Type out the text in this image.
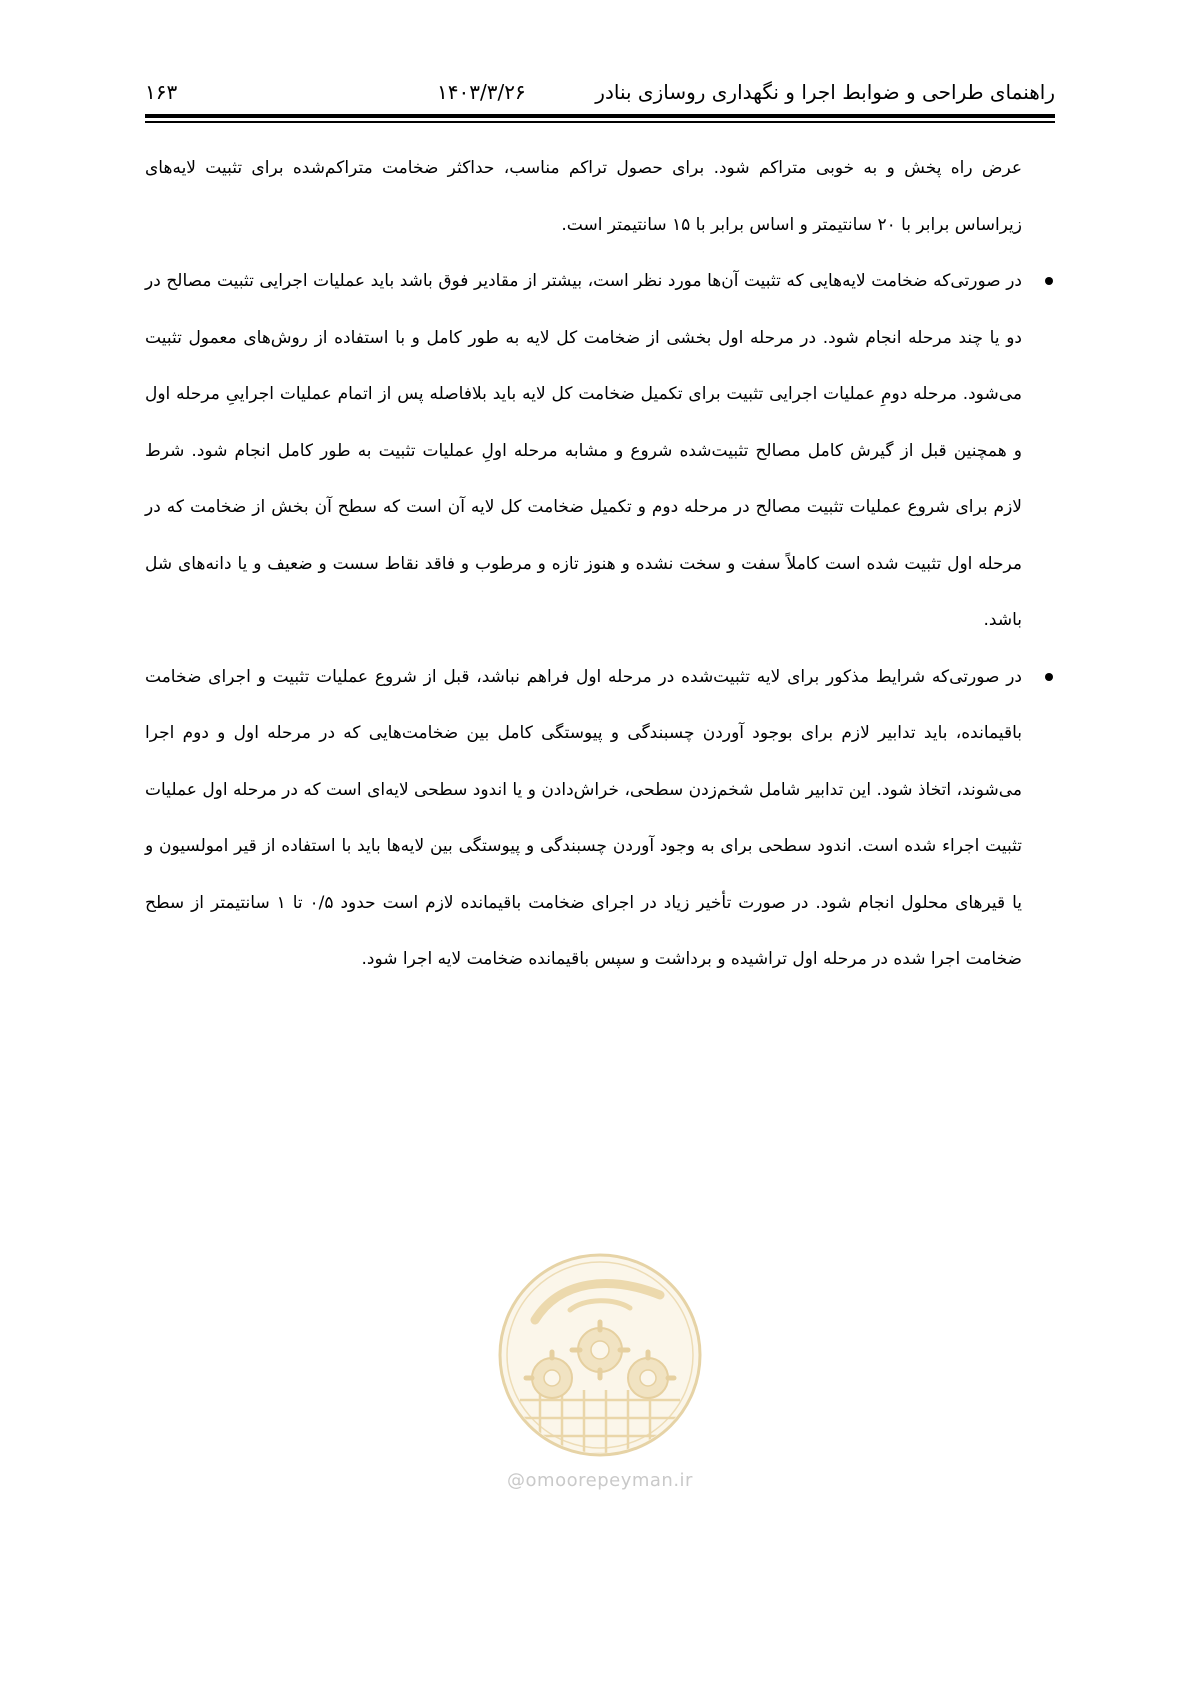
راهنمای طراحی و ضوابط اجرا و نگهداری روسازی بنادر
۱۴۰۳/۳/۲۶
۱۶۳

عرض راه پخش و به خوبی متراکم شود. برای حصول تراکم مناسب، حداکثر ضخامت متراکم‌شده برای تثبیت لایه‌های زیراساس برابر با ۲۰ سانتیمتر و اساس برابر با ۱۵ سانتیمتر است.

در صورتی‌که ضخامت لایه‌هایی که تثبیت آن‌ها مورد نظر است، بیشتر از مقادیر فوق باشد باید عملیات اجرایی تثبیت مصالح در دو یا چند مرحله انجام شود. در مرحله اول بخشی از ضخامت کل لایه به طور کامل و با استفاده از روش‌های معمول تثبیت می‌شود. مرحله دومِ عملیات اجرایی تثبیت برای تکمیل ضخامت کل لایه باید بلافاصله پس از اتمام عملیات اجراییِ مرحله اول و همچنین قبل از گیرش کامل مصالح تثبیت‌شده شروع و مشابه مرحله اولِ عملیات تثبیت به طور کامل انجام شود. شرط لازم برای شروع عملیات تثبیت مصالح در مرحله دوم و تکمیل ضخامت کل لایه آن است که سطح آن بخش از ضخامت که در مرحله اول تثبیت شده است کاملاً سفت و سخت نشده و هنوز تازه و مرطوب و فاقد نقاط سست و ضعیف و یا دانه‌های شل باشد.
در صورتی‌که شرایط مذکور برای لایه تثبیت‌شده در مرحله اول فراهم نباشد، قبل از شروع عملیات تثبیت و اجرای ضخامت باقیمانده، باید تدابیر لازم برای بوجود آوردن چسبندگی و پیوستگی کامل بین ضخامت‌هایی که در مرحله اول و دوم اجرا می‌شوند، اتخاذ شود. این تدابیر شامل شخم‌زدن سطحی، خراش‌دادن و یا اندود سطحی لایه‌ای است که در مرحله اول عملیات تثبیت اجراء شده است. اندود سطحی برای به وجود آوردن چسبندگی و پیوستگی بین لایه‌ها باید با استفاده از قیر امولسیون و یا قیرهای محلول انجام شود. در صورت تأخیر زیاد در اجرای ضخامت باقیمانده لازم است حدود ۰/۵ تا ۱ سانتیمتر از سطح ضخامت اجرا شده در مرحله اول تراشیده و برداشت و سپس باقیمانده ضخامت لایه اجرا شود.
@omoorepeyman.ir
